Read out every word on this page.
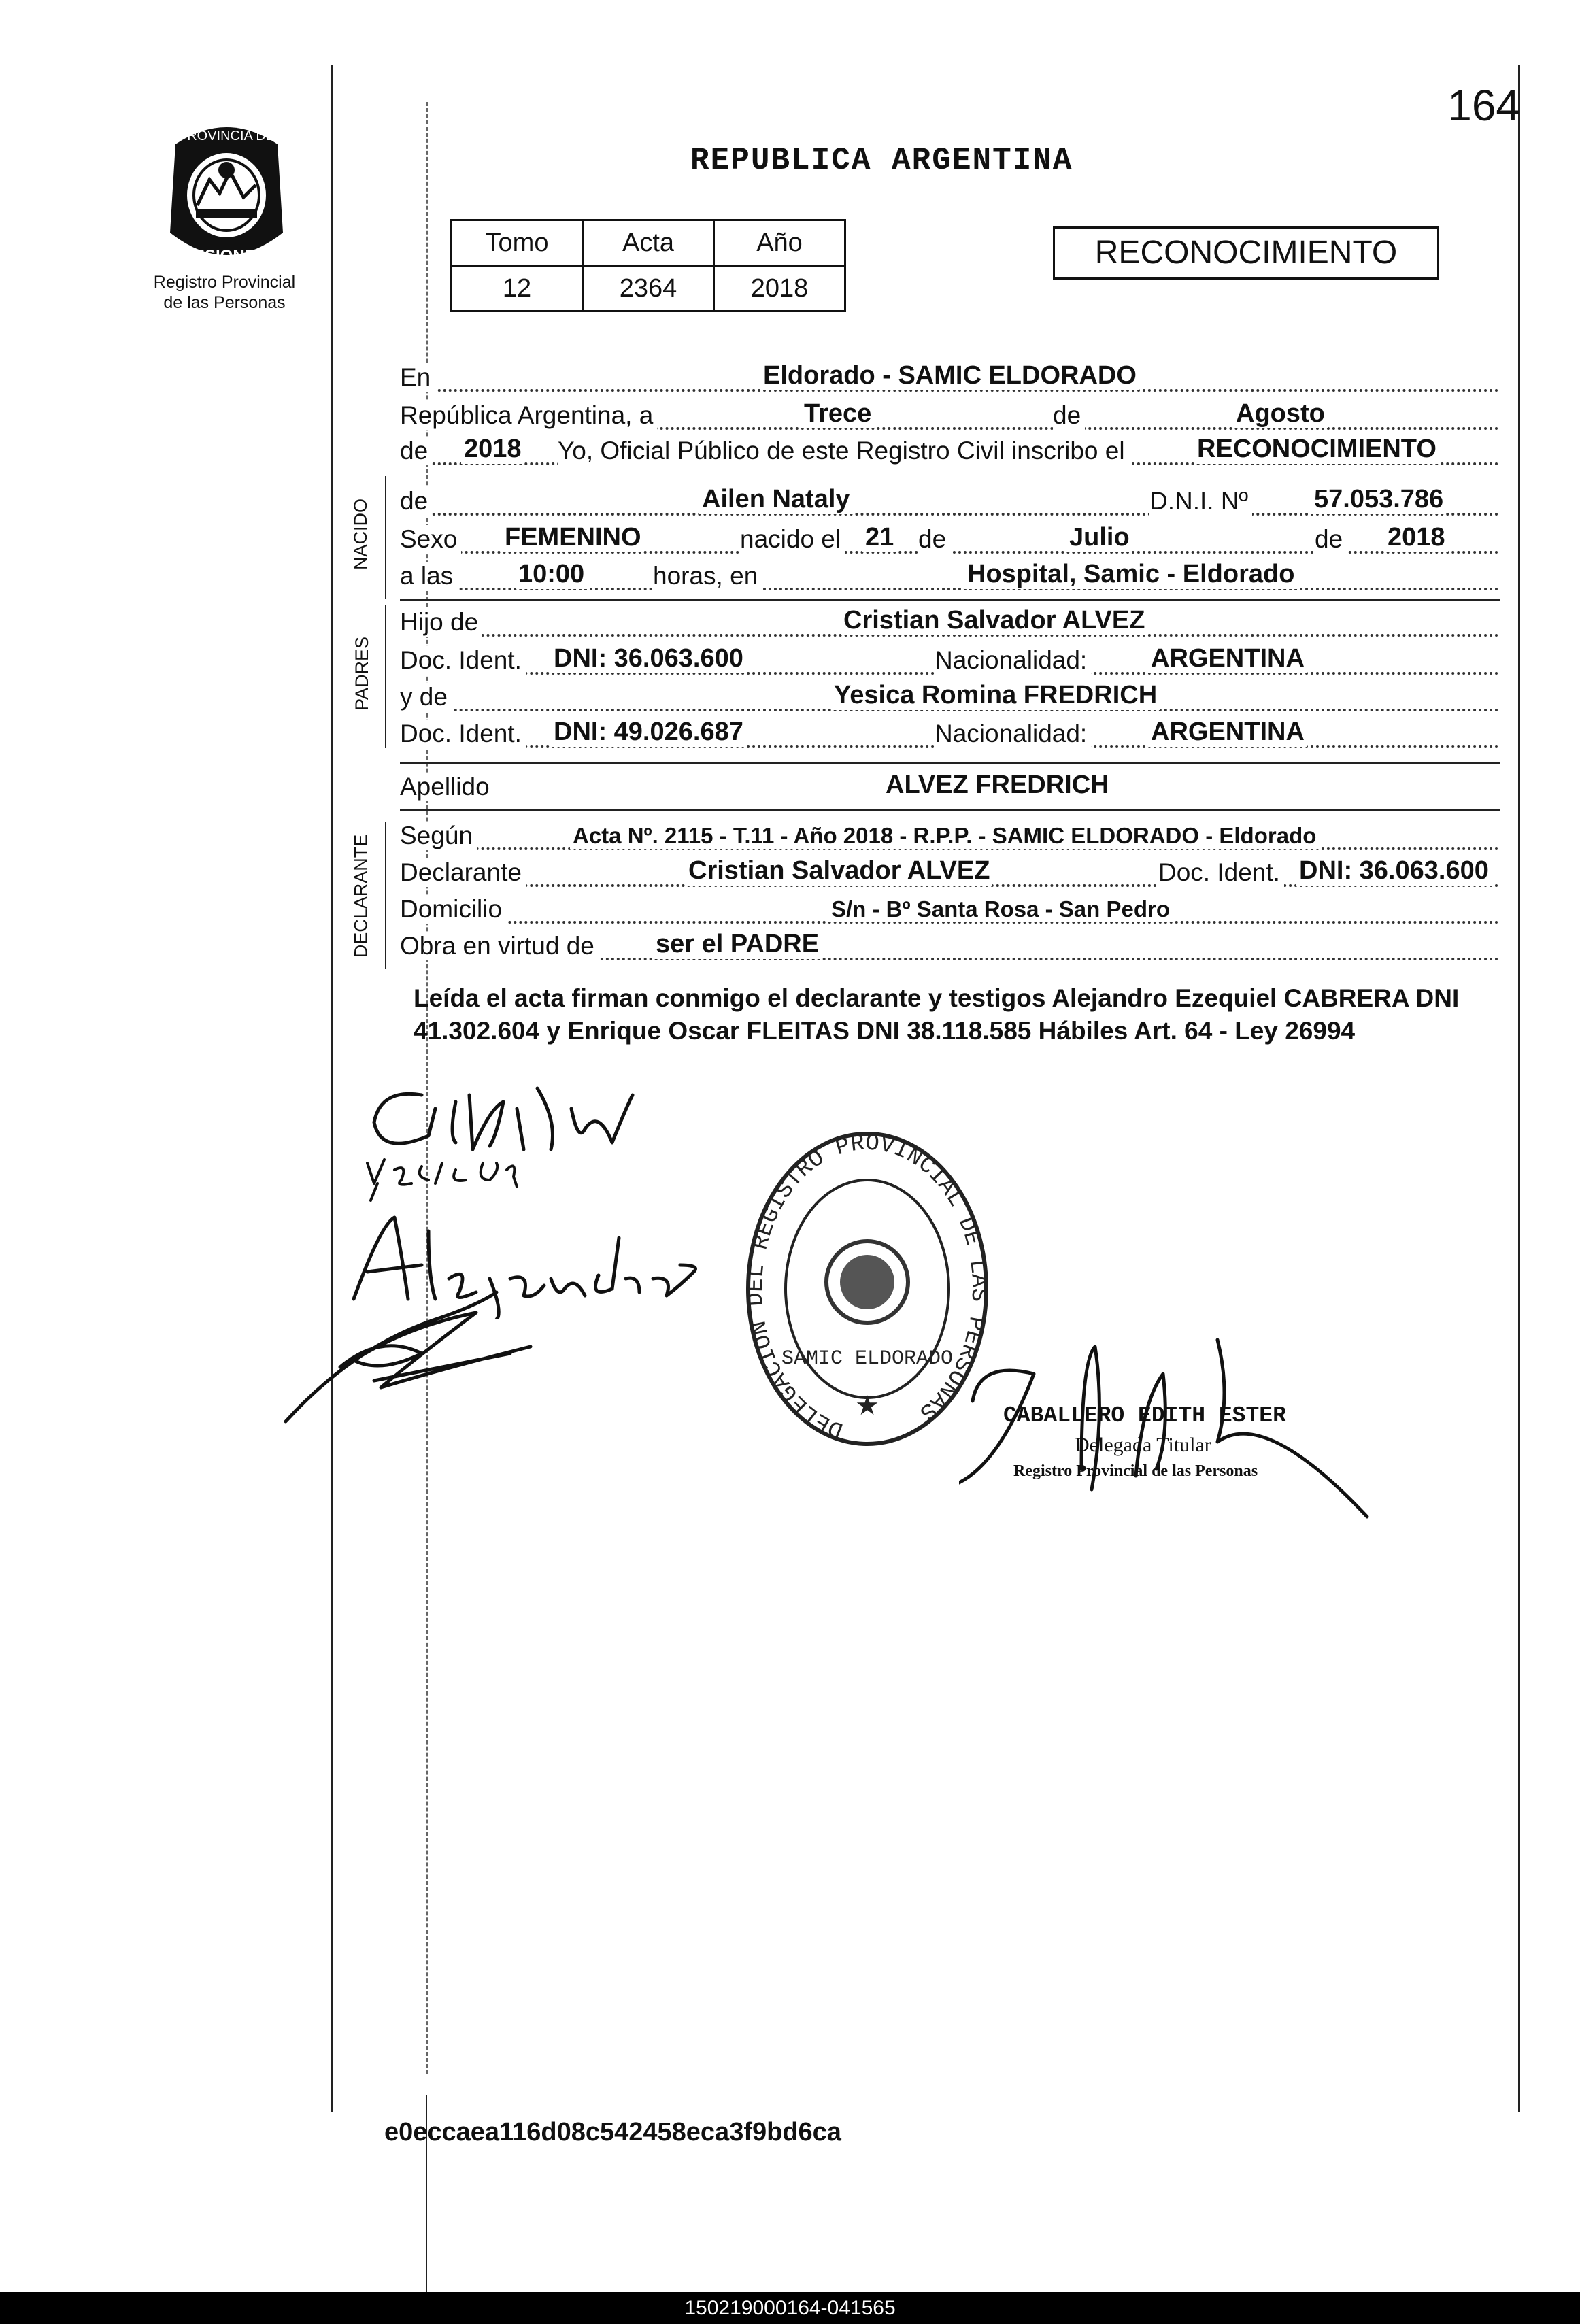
164
PROVINCIA DE
MISIONES
Registro Provincial
de las Personas
REPUBLICA ARGENTINA
Tomo	Acta	Año
12	2364	2018
RECONOCIMIENTO
En	Eldorado - SAMIC ELDORADO
República Argentina, a	Trece	de	Agosto
de 2018 Yo, Oficial Público de este Registro Civil inscribo el	RECONOCIMIENTO
NACIDO de	Ailen Nataly	D.N.I. Nº	57.053.786
Sexo FEMENINO	nacido el 21 de	Julio	de 2018
a las	10:00	horas, en	Hospital, Samic - Eldorado
PADRES
Hijo de	Cristian Salvador ALVEZ
Doc. Ident. DNI: 36.063.600	Nacionalidad: ARGENTINA
y de	Yesica Romina FREDRICH
Doc. Ident. DNI: 49.026.687	Nacionalidad: ARGENTINA
Apellido	ALVEZ FREDRICH
DECLARANTE Según	Acta Nº. 2115 - T.11 - Año 2018 - R.P.P. - SAMIC ELDORADO - Eldorado
Declarante	Cristian Salvador ALVEZ	Doc. Ident. DNI: 36.063.600
Domicilio	S/n - Bº Santa Rosa - San Pedro
Obra en virtud de ser el PADRE
Leída el acta firman conmigo el declarante y testigos Alejandro Ezequiel CABRERA DNI 41.302.604 y Enrique Oscar FLEITAS DNI 38.118.585 Hábiles Art. 64 - Ley 26994
DELEGACION DEL REGISTRO PROVINCIAL DE LAS PERSONAS
SAMIC ELDORADO
★	CABALLERO EDITH ESTER
Delegada Titular
Registro Provincial de las Personas
e0eccaea116d08c542458eca3f9bd6ca
150219000164-041565
